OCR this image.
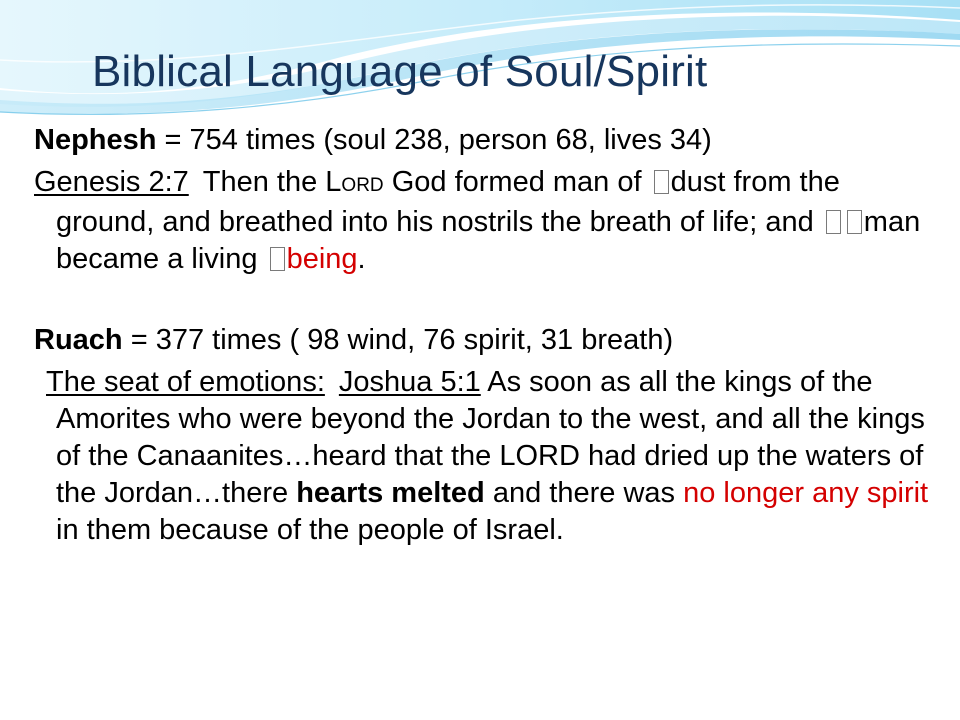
Biblical Language of Soul/Spirit

Nephesh = 754 times (soul 238, person 68, lives 34)

Genesis 2:7 Then the LORD God formed man of dust from the ground, and breathed into his nostrils the breath of life; and man became a living being.

Ruach = 377 times ( 98 wind, 76 spirit, 31 breath)

The seat of emotions: Joshua 5:1 As soon as all the kings of the Amorites who were beyond the Jordan to the west, and all the kings of the Canaanites…heard that the LORD had dried up the waters of the Jordan…there hearts melted and there was no longer any spirit in them because of the people of Israel.
